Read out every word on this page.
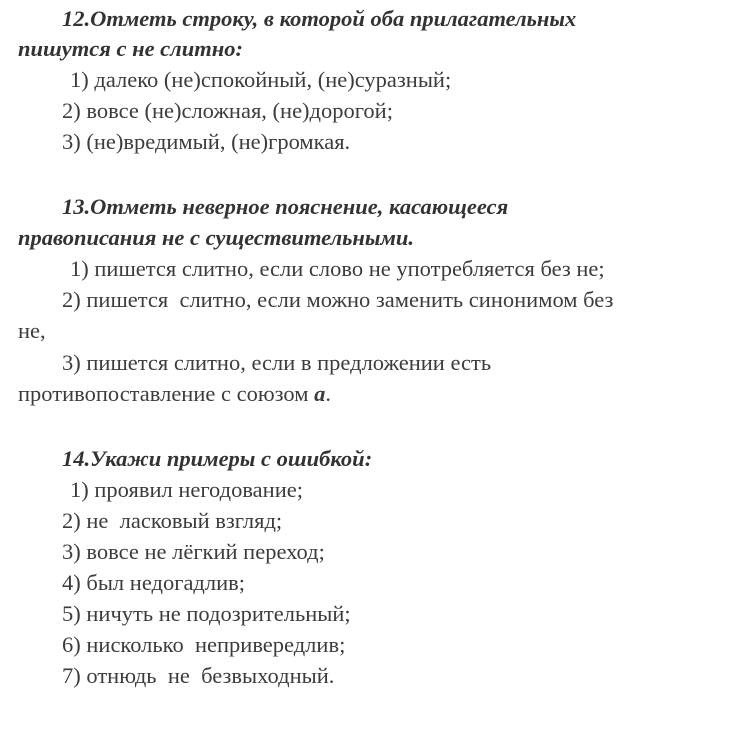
12.Отметь строку, в которой оба прилагательных
пишутся с не слитно:
1) далеко (не)спокойный, (не)суразный;
2) вовсе (не)сложная, (не)дорогой;
3) (не)вредимый, (не)громкая.
13.Отметь неверное пояснение, касающееся
правописания не с существительными.
1) пишется слитно, если слово не употребляется без не;
2) пишется  слитно, если можно заменить синонимом без
не,
3) пишется слитно, если в предложении есть
противопоставление с союзом а.
14.Укажи примеры с ошибкой:
1) проявил негодование;
2) не  ласковый взгляд;
3) вовсе не лёгкий переход;
4) был недогадлив;
5) ничуть не подозрительный;
6) нисколько  непривередлив;
7) отнюдь  не  безвыходный.
